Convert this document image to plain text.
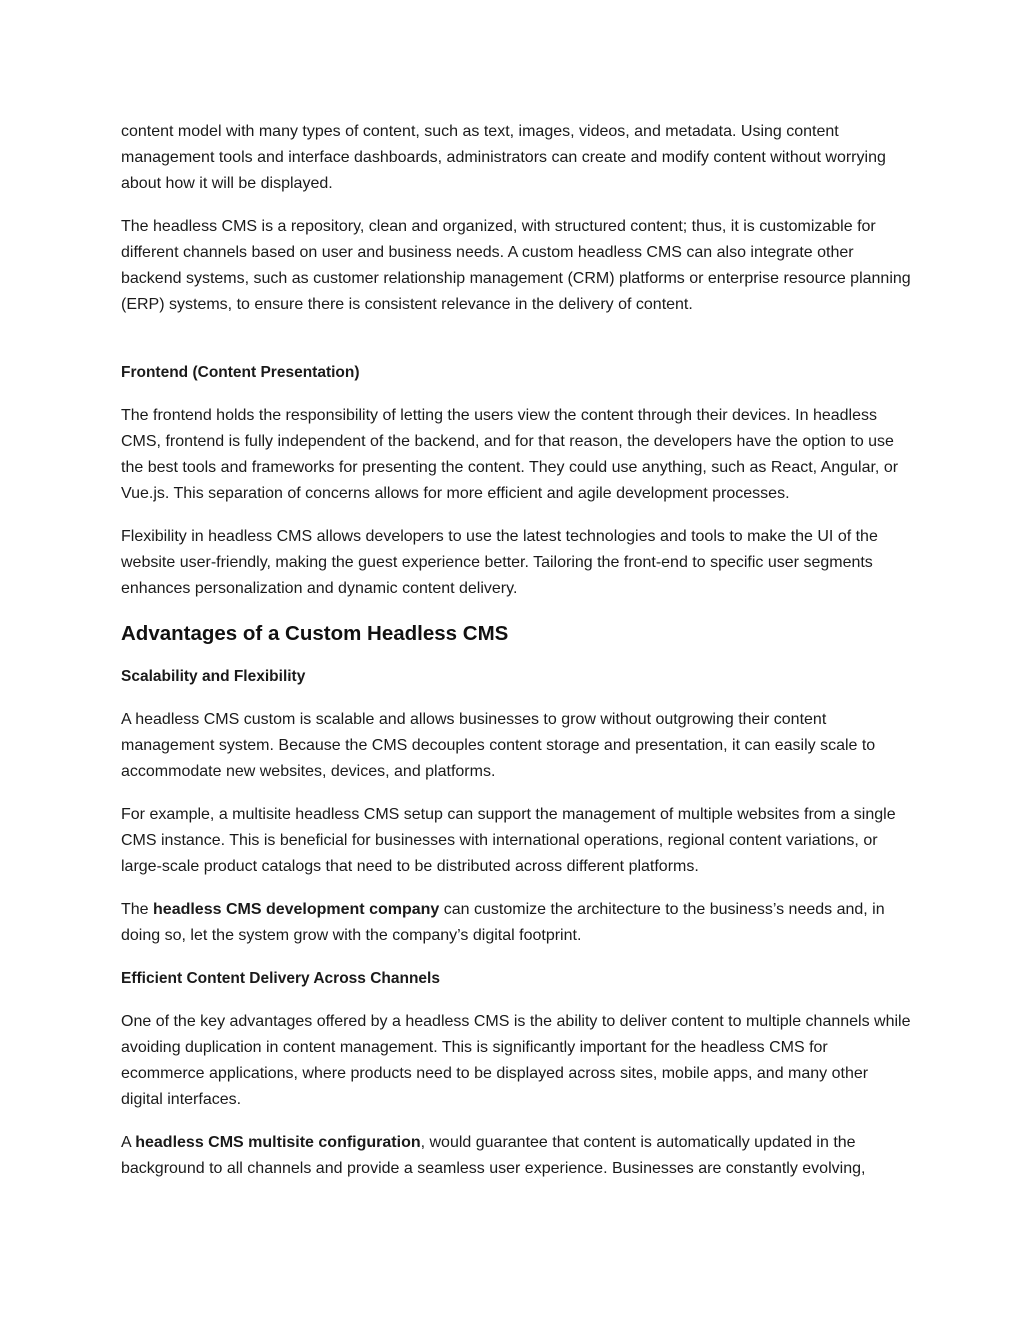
content model with many types of content, such as text, images, videos, and metadata. Using content management tools and interface dashboards, administrators can create and modify content without worrying about how it will be displayed.

The headless CMS is a repository, clean and organized, with structured content; thus, it is customizable for different channels based on user and business needs. A custom headless CMS can also integrate other backend systems, such as customer relationship management (CRM) platforms or enterprise resource planning (ERP) systems, to ensure there is consistent relevance in the delivery of content.

Frontend (Content Presentation)

The frontend holds the responsibility of letting the users view the content through their devices. In headless CMS, frontend is fully independent of the backend, and for that reason, the developers have the option to use the best tools and frameworks for presenting the content. They could use anything, such as React, Angular, or Vue.js. This separation of concerns allows for more efficient and agile development processes.

Flexibility in headless CMS allows developers to use the latest technologies and tools to make the UI of the website user-friendly, making the guest experience better. Tailoring the front-end to specific user segments enhances personalization and dynamic content delivery.

Advantages of a Custom Headless CMS
Scalability and Flexibility

A headless CMS custom is scalable and allows businesses to grow without outgrowing their content management system. Because the CMS decouples content storage and presentation, it can easily scale to accommodate new websites, devices, and platforms.

For example, a multisite headless CMS setup can support the management of multiple websites from a single CMS instance. This is beneficial for businesses with international operations, regional content variations, or large-scale product catalogs that need to be distributed across different platforms.

The headless CMS development company can customize the architecture to the business’s needs and, in doing so, let the system grow with the company’s digital footprint.

Efficient Content Delivery Across Channels

One of the key advantages offered by a headless CMS is the ability to deliver content to multiple channels while avoiding duplication in content management. This is significantly important for the headless CMS for ecommerce applications, where products need to be displayed across sites, mobile apps, and many other digital interfaces.

A headless CMS multisite configuration, would guarantee that content is automatically updated in the background to all channels and provide a seamless user experience. Businesses are constantly evolving,
